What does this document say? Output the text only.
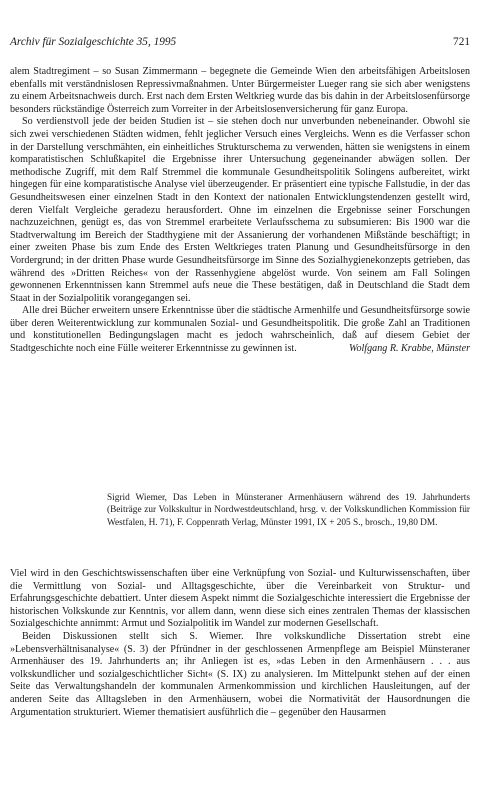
Archiv für Sozialgeschichte 35, 1995	721

alem Stadtregiment – so Susan Zimmermann – begegnete die Gemeinde Wien den arbeitsfähigen Arbeitslosen ebenfalls mit verständnislosen Repressivmaßnahmen. Unter Bürgermeister Lueger rang sie sich aber wenigstens zu einem Arbeitsnachweis durch. Erst nach dem Ersten Weltkrieg wurde das bis dahin in der Arbeitslosenfürsorge besonders rückständige Österreich zum Vorreiter in der Arbeitslosenversicherung für ganz Europa.

So verdienstvoll jede der beiden Studien ist – sie stehen doch nur unverbunden nebeneinander. Obwohl sie sich zwei verschiedenen Städten widmen, fehlt jeglicher Versuch eines Vergleichs. Wenn es die Verfasser schon in der Darstellung verschmähten, ein einheitliches Strukturschema zu verwenden, hätten sie wenigstens in einem komparatistischen Schlußkapitel die Ergebnisse ihrer Untersuchung gegeneinander abwägen sollen. Der methodische Zugriff, mit dem Ralf Stremmel die kommunale Gesundheitspolitik Solingens aufbereitet, wirkt hingegen für eine komparatistische Analyse viel überzeugender. Er präsentiert eine typische Fallstudie, in der das Gesundheitswesen einer einzelnen Stadt in den Kontext der nationalen Entwicklungstendenzen gestellt wird, deren Vielfalt Vergleiche geradezu herausfordert. Ohne im einzelnen die Ergebnisse seiner Forschungen nachzuzeichnen, genügt es, das von Stremmel erarbeitete Verlaufsschema zu subsumieren: Bis 1900 war die Stadtverwaltung im Bereich der Stadthygiene mit der Assanierung der vorhandenen Mißstände beschäftigt; in einer zweiten Phase bis zum Ende des Ersten Weltkrieges traten Planung und Gesundheitsfürsorge in den Vordergrund; in der dritten Phase wurde Gesundheitsfürsorge im Sinne des Sozialhygienekonzepts getrieben, das während des »Dritten Reiches« von der Rassenhygiene abgelöst wurde. Von seinem am Fall Solingen gewonnenen Erkenntnissen kann Stremmel aufs neue die These bestätigen, daß in Deutschland die Stadt dem Staat in der Sozialpolitik vorangegangen sei.

Alle drei Bücher erweitern unsere Erkenntnisse über die städtische Armenhilfe und Gesundheitsfürsorge sowie über deren Weiterentwicklung zur kommunalen Sozial- und Gesundheitspolitik. Die große Zahl an Traditionen und konstitutionellen Bedingungslagen macht es jedoch wahrscheinlich, daß auf diesem Gebiet der Stadtgeschichte noch eine Fülle weiterer Erkenntnisse zu gewinnen ist.	Wolfgang R. Krabbe, Münster

Sigrid Wiemer, Das Leben in Münsteraner Armenhäusern während des 19. Jahrhunderts (Beiträge zur Volkskultur in Nordwestdeutschland, hrsg. v. der Volkskundlichen Kommission für Westfalen, H. 71), F. Coppenrath Verlag, Münster 1991, IX + 205 S., brosch., 19,80 DM.

Viel wird in den Geschichtswissenschaften über eine Verknüpfung von Sozial- und Kulturwissenschaften, über die Vermittlung von Sozial- und Alltagsgeschichte, über die Vereinbarkeit von Struktur- und Erfahrungsgeschichte debattiert. Unter diesem Aspekt nimmt die Sozialgeschichte interessiert die Ergebnisse der historischen Volkskunde zur Kenntnis, vor allem dann, wenn diese sich eines zentralen Themas der klassischen Sozialgeschichte annimmt: Armut und Sozialpolitik im Wandel zur modernen Gesellschaft.

Beiden Diskussionen stellt sich S. Wiemer. Ihre volkskundliche Dissertation strebt eine »Lebensverhältnisanalyse« (S. 3) der Pfründner in der geschlossenen Armenpflege am Beispiel Münsteraner Armenhäuser des 19. Jahrhunderts an; ihr Anliegen ist es, »das Leben in den Armenhäusern . . . aus volkskundlicher und sozialgeschichtlicher Sicht« (S. IX) zu analysieren. Im Mittelpunkt stehen auf der einen Seite das Verwaltungshandeln der kommunalen Armenkommission und kirchlichen Hausleitungen, auf der anderen Seite das Alltagsleben in den Armenhäusern, wobei die Normativität der Hausordnungen die Argumentation strukturiert. Wiemer thematisiert ausführlich die – gegenüber den Hausarmen
